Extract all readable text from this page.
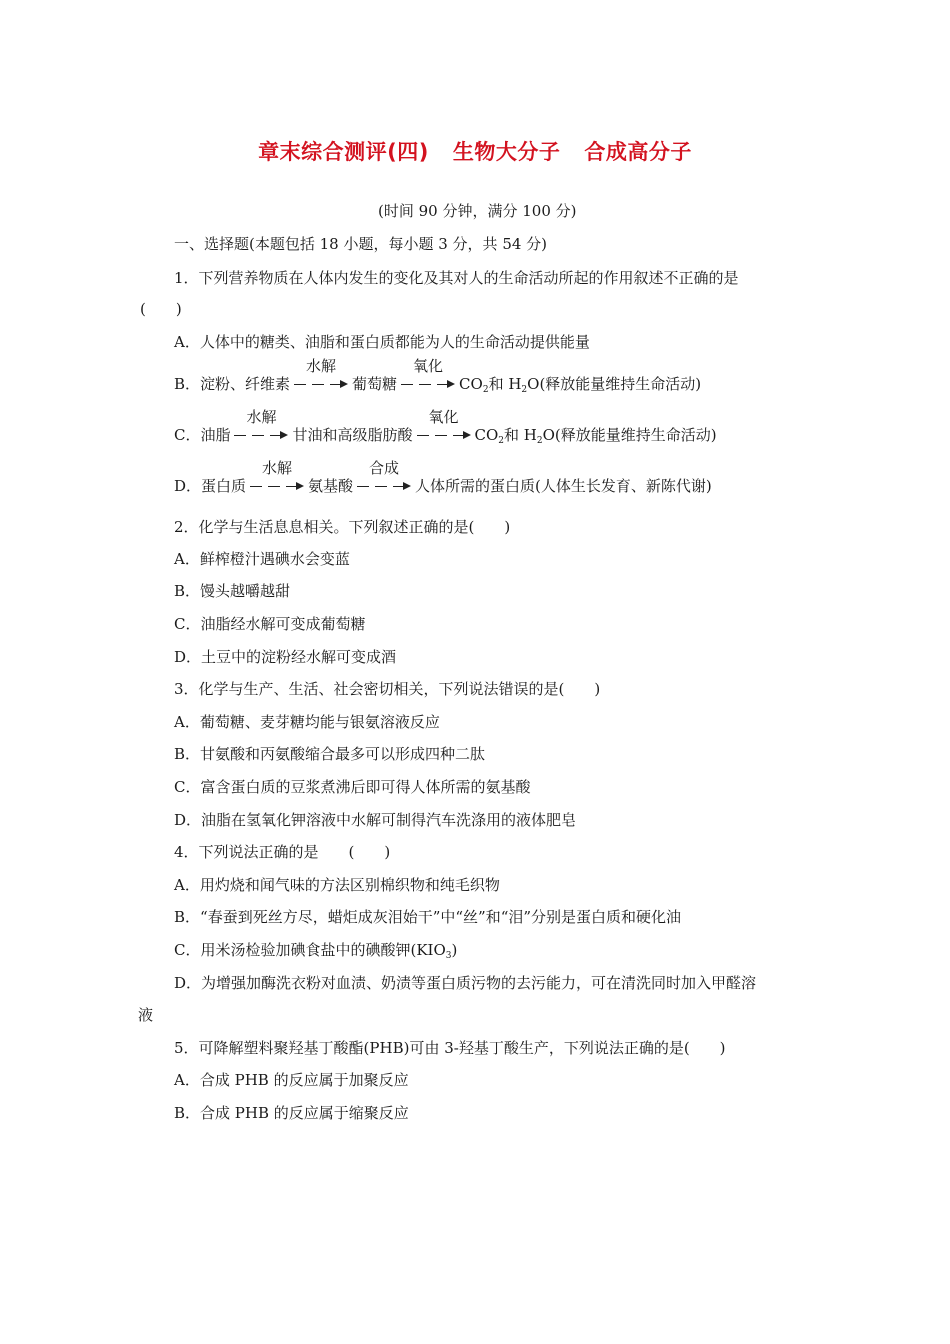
章末综合测评(四) 生物大分子 合成高分子
(时间 90 分钟，满分 100 分)
一、选择题(本题包括 18 小题，每小题 3 分，共 54 分)
1．下列营养物质在人体内发生的变化及其对人的生命活动所起的作用叙述不正确的是
(　　)
A．人体中的糖类、油脂和蛋白质都能为人的生命活动提供能量
B．淀粉、纤维素
水解
葡萄糖
氧化
$CO_2$和 $H_2O$(释放能量维持生命活动)
C．油脂
水解
甘油和高级脂肪酸
氧化
$CO_2$和 $H_2O$(释放能量维持生命活动)
D．蛋白质
水解
氨基酸
合成
人体所需的蛋白质(人体生长发育、新陈代谢)
2．化学与生活息息相关。下列叙述正确的是(　　)
A．鲜榨橙汁遇碘水会变蓝
B．馒头越嚼越甜
C．油脂经水解可变成葡萄糖
D．土豆中的淀粉经水解可变成酒
3．化学与生产、生活、社会密切相关，下列说法错误的是(　　)
A．葡萄糖、麦芽糖均能与银氨溶液反应
B．甘氨酸和丙氨酸缩合最多可以形成四种二肽
C．富含蛋白质的豆浆煮沸后即可得人体所需的氨基酸
D．油脂在氢氧化钾溶液中水解可制得汽车洗涤用的液体肥皂
4．下列说法正确的是　　(　　)
A．用灼烧和闻气味的方法区别棉织物和纯毛织物
B．“春蚕到死丝方尽，蜡炬成灰泪始干”中“丝”和“泪”分别是蛋白质和硬化油
C．用米汤检验加碘食盐中的碘酸钾$(KIO_3)$
D．为增强加酶洗衣粉对血渍、奶渍等蛋白质污物的去污能力，可在清洗同时加入甲醛溶
液
5．可降解塑料聚羟基丁酸酯(PHB)可由 3-羟基丁酸生产，下列说法正确的是(　　)
A．合成 PHB 的反应属于加聚反应
B．合成 PHB 的反应属于缩聚反应
